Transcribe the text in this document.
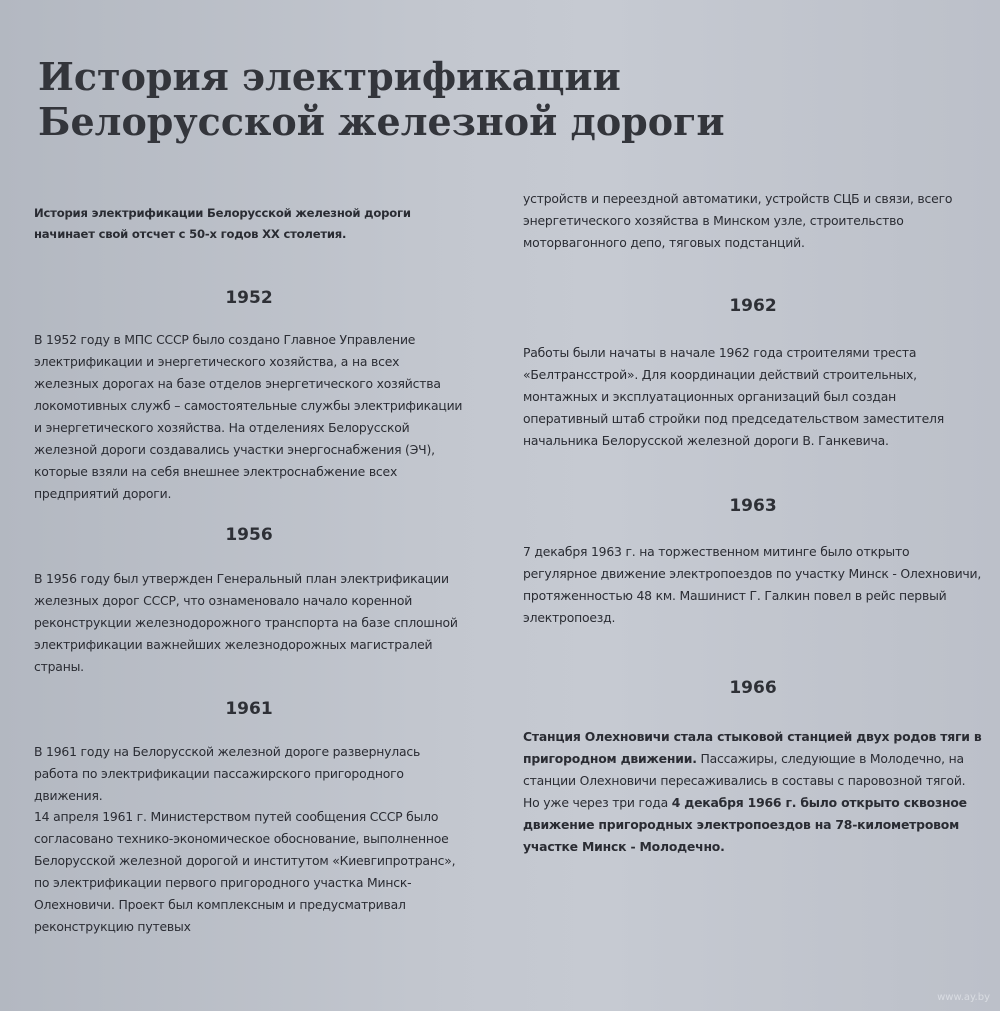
История электрификации
Белорусской железной дороги

История электрификации Белорусской железной дороги начинает свой отсчет с 50-х годов XX столетия.

1952

В 1952 году в МПС СССР было создано Главное Управление электрификации и энергетического хозяйства, а на всех железных дорогах на базе отделов энергетического хозяйства локомотивных служб – самостоятельные службы электрификации и энергетического хозяйства. На отделениях Белорусской железной дороги создавались участки энергоснабжения (ЭЧ), которые взяли на себя внешнее электроснабжение всех предприятий дороги.

1956

В 1956 году был утвержден Генеральный план электрификации железных дорог СССР, что ознаменовало начало коренной реконструкции железнодорожного транспорта на базе сплошной электрификации важнейших железнодорожных магистралей страны.

1961

В 1961 году на Белорусской железной дороге развернулась работа по электрификации пассажирского пригородного движения.

14 апреля 1961 г. Министерством путей сообщения СССР было согласовано технико-экономическое обоснование, выполненное Белорусской железной дорогой и институтом «Киевгипротранс», по электрификации первого пригородного участка Минск-Олехновичи. Проект был комплексным и предусматривал реконструкцию путевых

устройств и переездной автоматики, устройств СЦБ и связи, всего энергетического хозяйства в Минском узле, строительство моторвагонного депо, тяговых подстанций.

1962

Работы были начаты в начале 1962 года строителями треста «Белтрансстрой». Для координации действий строительных, монтажных и эксплуатационных организаций был создан оперативный штаб стройки под председательством заместителя начальника Белорусской железной дороги В. Ганкевича.

1963

7 декабря 1963 г. на торжественном митинге было открыто регулярное движение электропоездов по участку Минск - Олехновичи, протяженностью 48 км. Машинист Г. Галкин повел в рейс первый электропоезд.

1966

Станция Олехновичи стала стыковой станцией двух родов тяги в пригородном движении. Пассажиры, следующие в Молодечно, на станции Олехновичи пересаживались в составы с паровозной тягой. Но уже через три года 4 декабря 1966 г. было открыто сквозное движение пригородных электропоездов на 78-километровом участке Минск - Молодечно.

www.ay.by
